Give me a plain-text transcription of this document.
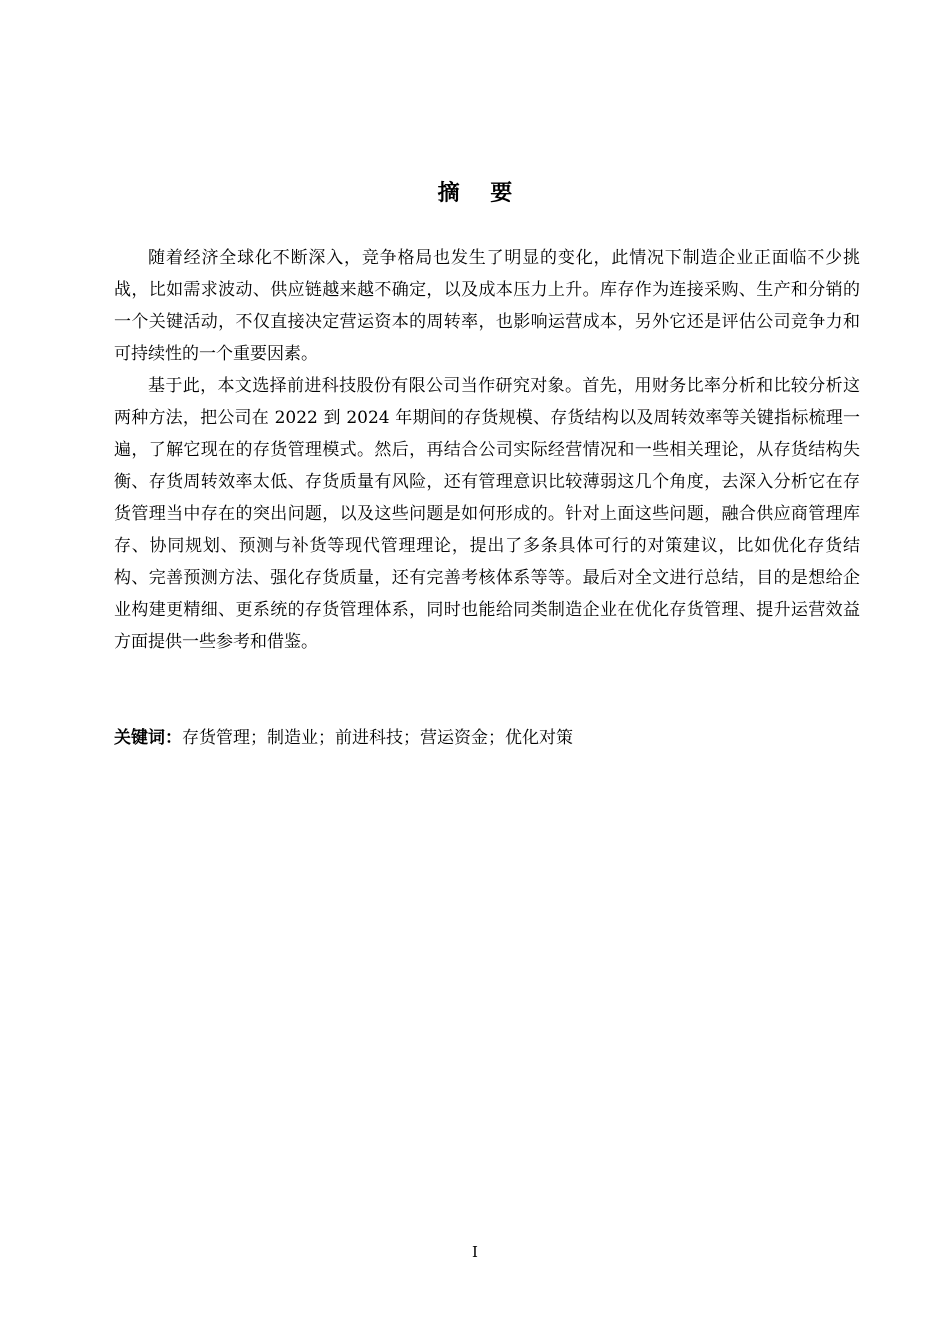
摘    要

随着经济全球化不断深入，竞争格局也发生了明显的变化，此情况下制造企业正面临不少挑战，比如需求波动、供应链越来越不确定，以及成本压力上升。库存作为连接采购、生产和分销的一个关键活动，不仅直接决定营运资本的周转率，也影响运营成本，另外它还是评估公司竞争力和可持续性的一个重要因素。

基于此，本文选择前进科技股份有限公司当作研究对象。首先，用财务比率分析和比较分析这两种方法，把公司在 2022 到 2024 年期间的存货规模、存货结构以及周转效率等关键指标梳理一遍，了解它现在的存货管理模式。然后，再结合公司实际经营情况和一些相关理论，从存货结构失衡、存货周转效率太低、存货质量有风险，还有管理意识比较薄弱这几个角度，去深入分析它在存货管理当中存在的突出问题，以及这些问题是如何形成的。针对上面这些问题，融合供应商管理库存、协同规划、预测与补货等现代管理理论，提出了多条具体可行的对策建议，比如优化存货结构、完善预测方法、强化存货质量，还有完善考核体系等等。最后对全文进行总结，目的是想给企业构建更精细、更系统的存货管理体系，同时也能给同类制造企业在优化存货管理、提升运营效益方面提供一些参考和借鉴。

关键词：存货管理；制造业；前进科技；营运资金；优化对策
I
